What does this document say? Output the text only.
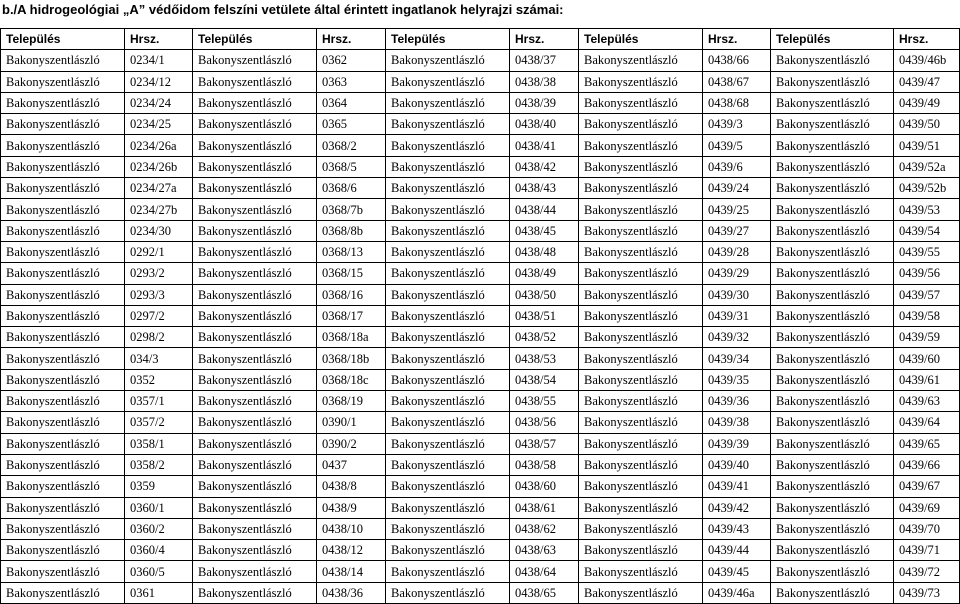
b./A hidrogeológiai „A” védőidom felszíni vetülete által érintett ingatlanok helyrajzi számai:
Település	Hrsz.	Település	Hrsz.	Település	Hrsz.	Település	Hrsz.	Település	Hrsz.
Bakonyszentlászló	0234/1	Bakonyszentlászló	0362	Bakonyszentlászló	0438/37	Bakonyszentlászló	0438/66	Bakonyszentlászló	0439/46b
Bakonyszentlászló	0234/12	Bakonyszentlászló	0363	Bakonyszentlászló	0438/38	Bakonyszentlászló	0438/67	Bakonyszentlászló	0439/47
Bakonyszentlászló	0234/24	Bakonyszentlászló	0364	Bakonyszentlászló	0438/39	Bakonyszentlászló	0438/68	Bakonyszentlászló	0439/49
Bakonyszentlászló	0234/25	Bakonyszentlászló	0365	Bakonyszentlászló	0438/40	Bakonyszentlászló	0439/3	Bakonyszentlászló	0439/50
Bakonyszentlászló	0234/26a	Bakonyszentlászló	0368/2	Bakonyszentlászló	0438/41	Bakonyszentlászló	0439/5	Bakonyszentlászló	0439/51
Bakonyszentlászló	0234/26b	Bakonyszentlászló	0368/5	Bakonyszentlászló	0438/42	Bakonyszentlászló	0439/6	Bakonyszentlászló	0439/52a
Bakonyszentlászló	0234/27a	Bakonyszentlászló	0368/6	Bakonyszentlászló	0438/43	Bakonyszentlászló	0439/24	Bakonyszentlászló	0439/52b
Bakonyszentlászló	0234/27b	Bakonyszentlászló	0368/7b	Bakonyszentlászló	0438/44	Bakonyszentlászló	0439/25	Bakonyszentlászló	0439/53
Bakonyszentlászló	0234/30	Bakonyszentlászló	0368/8b	Bakonyszentlászló	0438/45	Bakonyszentlászló	0439/27	Bakonyszentlászló	0439/54
Bakonyszentlászló	0292/1	Bakonyszentlászló	0368/13	Bakonyszentlászló	0438/48	Bakonyszentlászló	0439/28	Bakonyszentlászló	0439/55
Bakonyszentlászló	0293/2	Bakonyszentlászló	0368/15	Bakonyszentlászló	0438/49	Bakonyszentlászló	0439/29	Bakonyszentlászló	0439/56
Bakonyszentlászló	0293/3	Bakonyszentlászló	0368/16	Bakonyszentlászló	0438/50	Bakonyszentlászló	0439/30	Bakonyszentlászló	0439/57
Bakonyszentlászló	0297/2	Bakonyszentlászló	0368/17	Bakonyszentlászló	0438/51	Bakonyszentlászló	0439/31	Bakonyszentlászló	0439/58
Bakonyszentlászló	0298/2	Bakonyszentlászló	0368/18a	Bakonyszentlászló	0438/52	Bakonyszentlászló	0439/32	Bakonyszentlászló	0439/59
Bakonyszentlászló	034/3	Bakonyszentlászló	0368/18b	Bakonyszentlászló	0438/53	Bakonyszentlászló	0439/34	Bakonyszentlászló	0439/60
Bakonyszentlászló	0352	Bakonyszentlászló	0368/18c	Bakonyszentlászló	0438/54	Bakonyszentlászló	0439/35	Bakonyszentlászló	0439/61
Bakonyszentlászló	0357/1	Bakonyszentlászló	0368/19	Bakonyszentlászló	0438/55	Bakonyszentlászló	0439/36	Bakonyszentlászló	0439/63
Bakonyszentlászló	0357/2	Bakonyszentlászló	0390/1	Bakonyszentlászló	0438/56	Bakonyszentlászló	0439/38	Bakonyszentlászló	0439/64
Bakonyszentlászló	0358/1	Bakonyszentlászló	0390/2	Bakonyszentlászló	0438/57	Bakonyszentlászló	0439/39	Bakonyszentlászló	0439/65
Bakonyszentlászló	0358/2	Bakonyszentlászló	0437	Bakonyszentlászló	0438/58	Bakonyszentlászló	0439/40	Bakonyszentlászló	0439/66
Bakonyszentlászló	0359	Bakonyszentlászló	0438/8	Bakonyszentlászló	0438/60	Bakonyszentlászló	0439/41	Bakonyszentlászló	0439/67
Bakonyszentlászló	0360/1	Bakonyszentlászló	0438/9	Bakonyszentlászló	0438/61	Bakonyszentlászló	0439/42	Bakonyszentlászló	0439/69
Bakonyszentlászló	0360/2	Bakonyszentlászló	0438/10	Bakonyszentlászló	0438/62	Bakonyszentlászló	0439/43	Bakonyszentlászló	0439/70
Bakonyszentlászló	0360/4	Bakonyszentlászló	0438/12	Bakonyszentlászló	0438/63	Bakonyszentlászló	0439/44	Bakonyszentlászló	0439/71
Bakonyszentlászló	0360/5	Bakonyszentlászló	0438/14	Bakonyszentlászló	0438/64	Bakonyszentlászló	0439/45	Bakonyszentlászló	0439/72
Bakonyszentlászló	0361	Bakonyszentlászló	0438/36	Bakonyszentlászló	0438/65	Bakonyszentlászló	0439/46a	Bakonyszentlászló	0439/73
